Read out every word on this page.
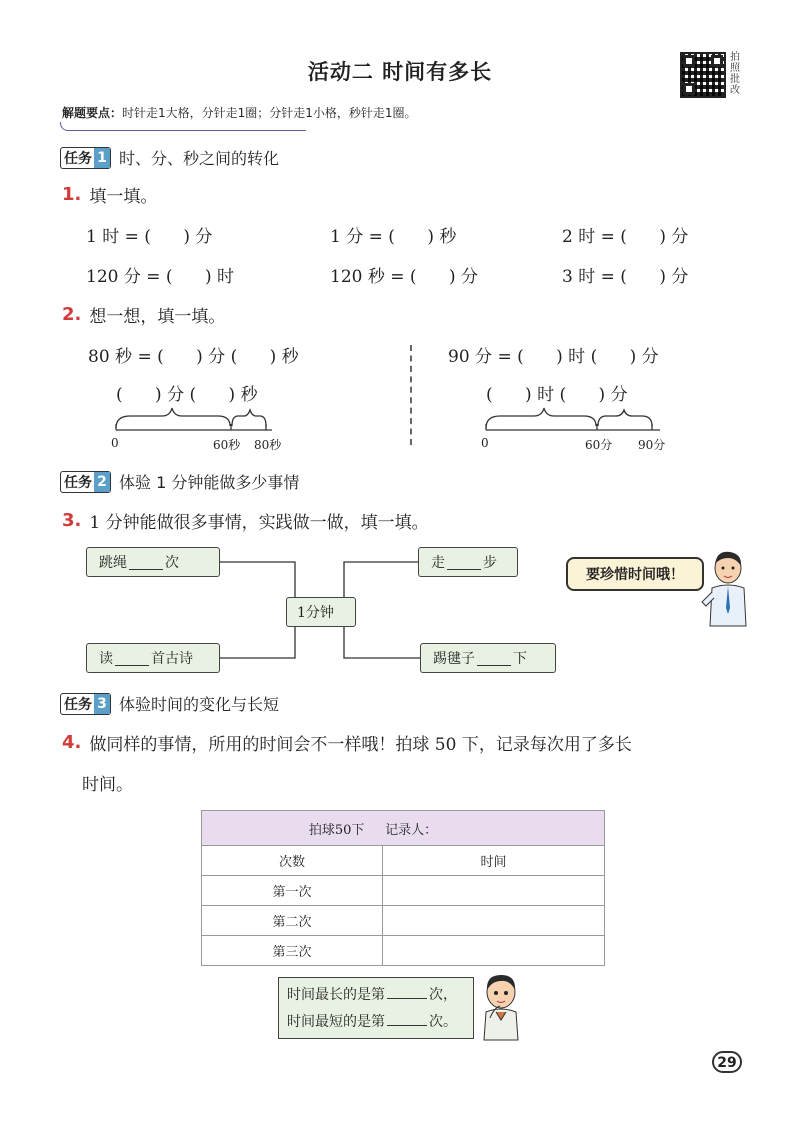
活动二 时间有多长
拍照批改
解题要点：时针走1大格，分针走1圈；分针走1小格，秒针走1圈。
任务 1 时、分、秒之间的转化
1. 填一填。
1 时 = (      ) 分	1 分 = (      ) 秒	2 时 = (      ) 分
120 分 = (      ) 时	120 秒 = (      ) 分	3 时 = (      ) 分
2. 想一想，填一填。
80 秒 = (      ) 分 (      ) 秒
(      ) 分 (      ) 秒
90 分 = (      ) 时 (      ) 分
(      ) 时 (      ) 分
0	60秒 80秒	0	60分 90分
任务 2 体验 1 分钟能做多少事情
3. 1 分钟能做很多事情，实践做一做，填一填。
跳绳	次	走	步
1分钟
读	首古诗	踢毽子	下
要珍惜时间哦！
任务 3 体验时间的变化与长短
4. 做同样的事情，所用的时间会不一样哦！拍球 50 下，记录每次用了多长
时间。
拍球50下 记录人：	
次数	时间
第一次	
第二次	
第三次	
时间最长的是第	次，
时间最短的是第	次。
29
